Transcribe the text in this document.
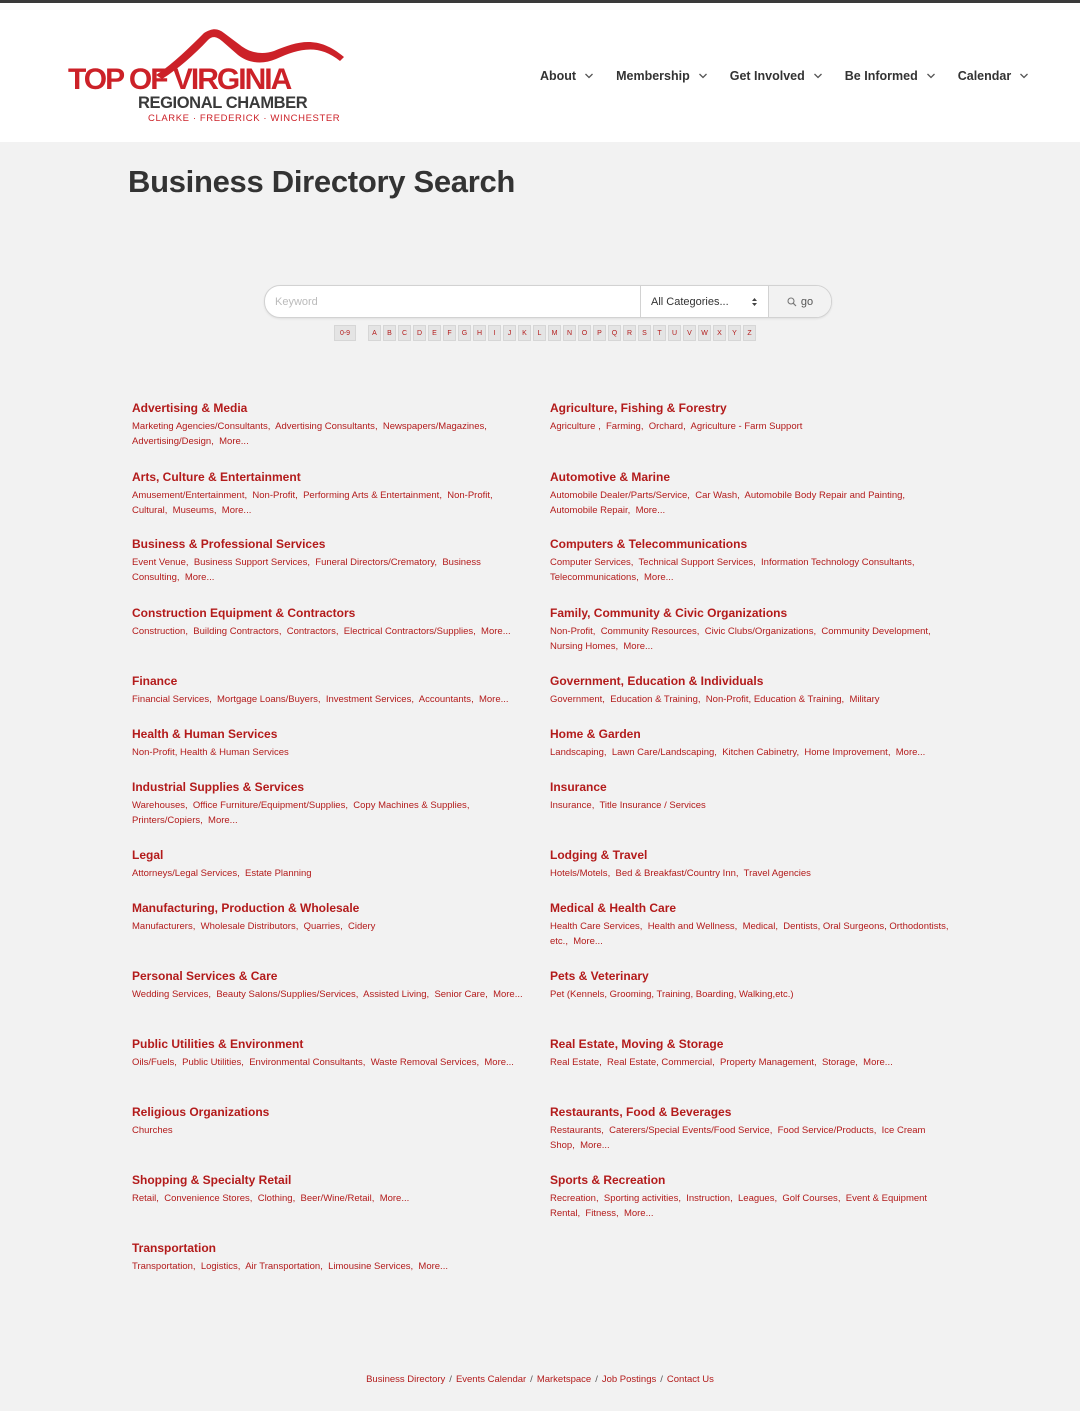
TOP OF VIRGINIA
REGIONAL CHAMBER
CLARKE · FREDERICK · WINCHESTER
About	Membership	Get Involved	Be Informed	Calendar
Business Directory Search
Keyword
All Categories...	go
0-9	A	B	C	D	E	F	G	H	I	J	K	L	M	N	O	P	Q	R	S	T	U	V	W	X	Y	Z
Advertising & Media
Marketing Agencies/Consultants,  Advertising Consultants,  Newspapers/Magazines,  Advertising/Design,  More...
Agriculture, Fishing & Forestry
Agriculture ,  Farming,  Orchard,  Agriculture - Farm Support
Arts, Culture & Entertainment
Amusement/Entertainment,  Non-Profit,  Performing Arts & Entertainment,  Non-Profit, Cultural,  Museums,  More...
Automotive & Marine
Automobile Dealer/Parts/Service,  Car Wash,  Automobile Body Repair and Painting,  Automobile Repair,  More...
Business & Professional Services
Event Venue,  Business Support Services,  Funeral Directors/Crematory,  Business Consulting,  More...
Computers & Telecommunications
Computer Services,  Technical Support Services,  Information Technology Consultants,  Telecommunications,  More...
Construction Equipment & Contractors
Construction,  Building Contractors,  Contractors,  Electrical Contractors/Supplies,  More...
Family, Community & Civic Organizations
Non-Profit,  Community Resources,  Civic Clubs/Organizations,  Community Development,  Nursing Homes,  More...
Finance
Financial Services,  Mortgage Loans/Buyers,  Investment Services,  Accountants,  More...
Government, Education & Individuals
Government,  Education & Training,  Non-Profit, Education & Training,  Military
Health & Human Services
Non-Profit, Health & Human Services
Home & Garden
Landscaping,  Lawn Care/Landscaping,  Kitchen Cabinetry,  Home Improvement,  More...
Industrial Supplies & Services
Warehouses,  Office Furniture/Equipment/Supplies,  Copy Machines & Supplies,  Printers/Copiers,  More...
Insurance
Insurance,  Title Insurance / Services
Legal
Attorneys/Legal Services,  Estate Planning
Lodging & Travel
Hotels/Motels,  Bed & Breakfast/Country Inn,  Travel Agencies
Manufacturing, Production & Wholesale
Manufacturers,  Wholesale Distributors,  Quarries,  Cidery
Medical & Health Care
Health Care Services,  Health and Wellness,  Medical,  Dentists, Oral Surgeons, Orthodontists, etc.,  More...
Personal Services & Care
Wedding Services,  Beauty Salons/Supplies/Services,  Assisted Living,  Senior Care,  More...
Pets & Veterinary
Pet (Kennels, Grooming, Training, Boarding, Walking,etc.)
Public Utilities & Environment
Oils/Fuels,  Public Utilities,  Environmental Consultants,  Waste Removal Services,  More...
Real Estate, Moving & Storage
Real Estate,  Real Estate, Commercial,  Property Management,  Storage,  More...
Religious Organizations
Churches
Restaurants, Food & Beverages
Restaurants,  Caterers/Special Events/Food Service,  Food Service/Products,  Ice Cream Shop,  More...
Shopping & Specialty Retail
Retail,  Convenience Stores,  Clothing,  Beer/Wine/Retail,  More...
Sports & Recreation
Recreation,  Sporting activities,  Instruction,  Leagues,  Golf Courses,  Event & Equipment Rental,  Fitness,  More...
Transportation
Transportation,  Logistics,  Air Transportation,  Limousine Services,  More...
Business Directory / Events Calendar / Marketspace / Job Postings / Contact Us
